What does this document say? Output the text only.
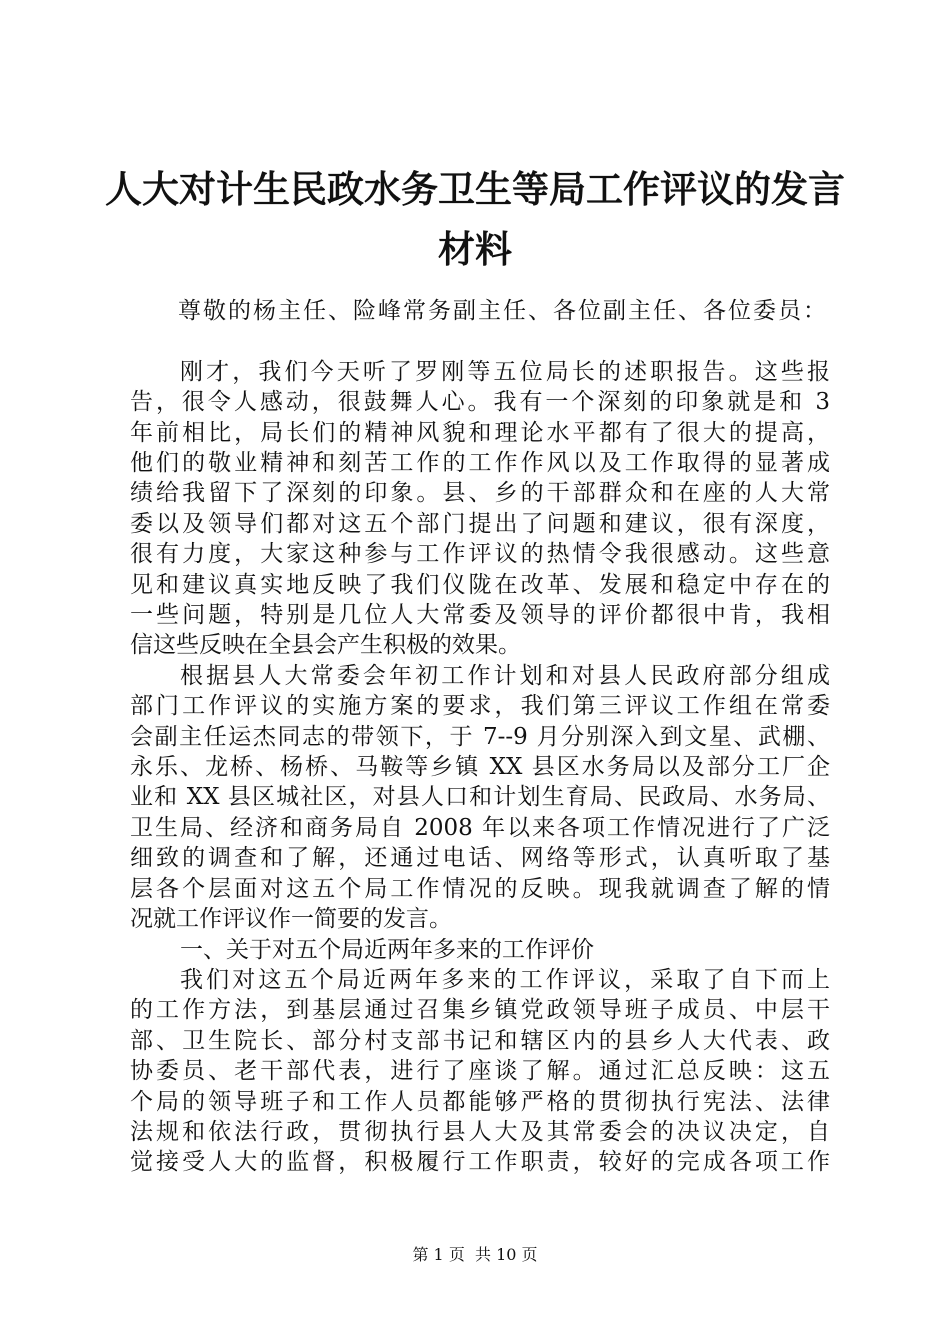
人大对计生民政水务卫生等局工作评议的发言
材料

尊敬的杨主任、险峰常务副主任、各位副主任、各位委员：

刚才，我们今天听了罗刚等五位局长的述职报告。这些报
告，很令人感动，很鼓舞人心。我有一个深刻的印象就是和 3
年前相比，局长们的精神风貌和理论水平都有了很大的提高，
他们的敬业精神和刻苦工作的工作作风以及工作取得的显著成
绩给我留下了深刻的印象。县、乡的干部群众和在座的人大常
委以及领导们都对这五个部门提出了问题和建议，很有深度，
很有力度，大家这种参与工作评议的热情令我很感动。这些意
见和建议真实地反映了我们仪陇在改革、发展和稳定中存在的
一些问题，特别是几位人大常委及领导的评价都很中肯，我相
信这些反映在全县会产生积极的效果。

根据县人大常委会年初工作计划和对县人民政府部分组成
部门工作评议的实施方案的要求，我们第三评议工作组在常委
会副主任运杰同志的带领下，于 7--9 月分别深入到文星、武棚、
永乐、龙桥、杨桥、马鞍等乡镇 XX 县区水务局以及部分工厂企
业和 XX 县区城社区，对县人口和计划生育局、民政局、水务局、
卫生局、经济和商务局自 2008 年以来各项工作情况进行了广泛
细致的调查和了解，还通过电话、网络等形式，认真听取了基
层各个层面对这五个局工作情况的反映。现我就调查了解的情
况就工作评议作一简要的发言。

一、关于对五个局近两年多来的工作评价

我们对这五个局近两年多来的工作评议，采取了自下而上
的工作方法，到基层通过召集乡镇党政领导班子成员、中层干
部、卫生院长、部分村支部书记和辖区内的县乡人大代表、政
协委员、老干部代表，进行了座谈了解。通过汇总反映：这五
个局的领导班子和工作人员都能够严格的贯彻执行宪法、法律
法规和依法行政，贯彻执行县人大及其常委会的决议决定，自
觉接受人大的监督，积极履行工作职责，较好的完成各项工作

第 1 页  共 10 页
